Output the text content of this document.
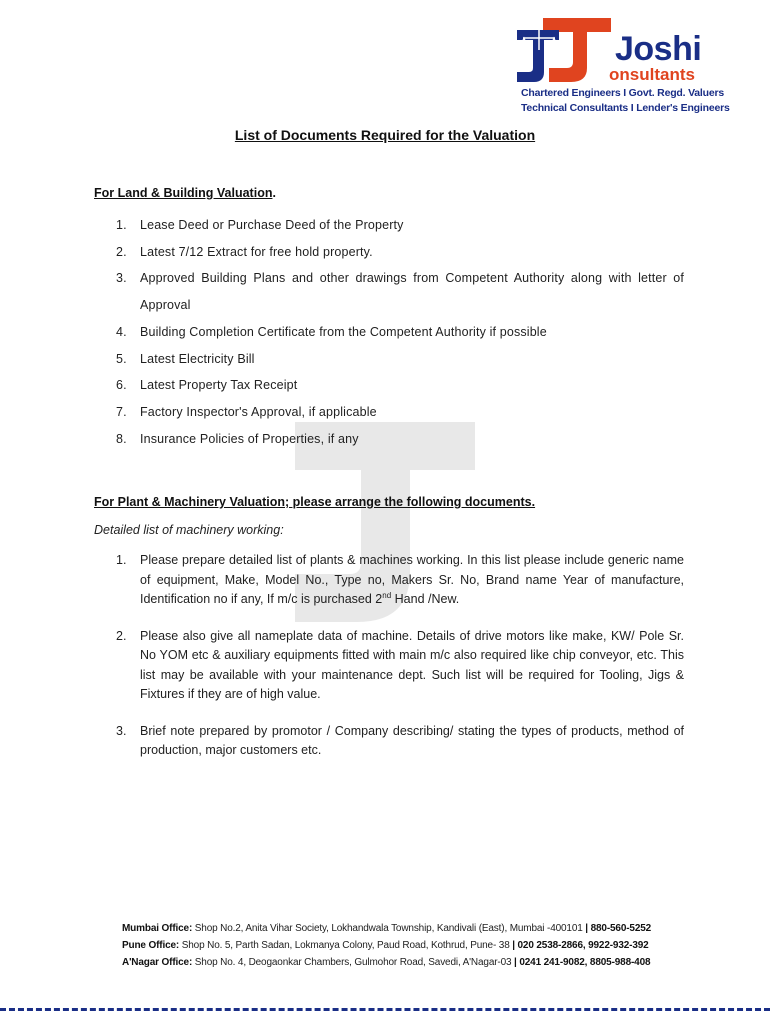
Joshi
onsultants
Chartered Engineers I Govt. Regd. Valuers
Technical Consultants I Lender's Engineers
List of Documents Required for the Valuation
For Land & Building Valuation.
1. Lease Deed or Purchase Deed of the Property
2. Latest 7/12 Extract for free hold property.
3. Approved Building Plans and other drawings from Competent Authority along with letter of Approval
4. Building Completion Certificate from the Competent Authority if possible
5. Latest Electricity Bill
6. Latest Property Tax Receipt
7. Factory Inspector's Approval, if applicable
8. Insurance Policies of Properties, if any
For Plant & Machinery Valuation; please arrange the following documents.
Detailed list of machinery working:
1. Please prepare detailed list of plants & machines working. In this list please include generic name of equipment, Make, Model No., Type no, Makers Sr. No, Brand name Year of manufacture, Identification no if any, If m/c is purchased 2nd Hand /New.
2. Please also give all nameplate data of machine. Details of drive motors like make, KW/ Pole Sr. No YOM etc & auxiliary equipments fitted with main m/c also required like chip conveyor, etc. This list may be available with your maintenance dept. Such list will be required for Tooling, Jigs & Fixtures if they are of high value.
3. Brief note prepared by promotor / Company describing/ stating the types of products, method of production, major customers etc.
Mumbai Office: Shop No.2, Anita Vihar Society, Lokhandwala Township, Kandivali (East), Mumbai -400101 | 880-560-5252
Pune Office: Shop No. 5, Parth Sadan, Lokmanya Colony, Paud Road, Kothrud, Pune- 38 | 020 2538-2866, 9922-932-392
A'Nagar Office: Shop No. 4, Deogaonkar Chambers, Gulmohor Road, Savedi, A'Nagar-03 | 0241 241-9082, 8805-988-408
